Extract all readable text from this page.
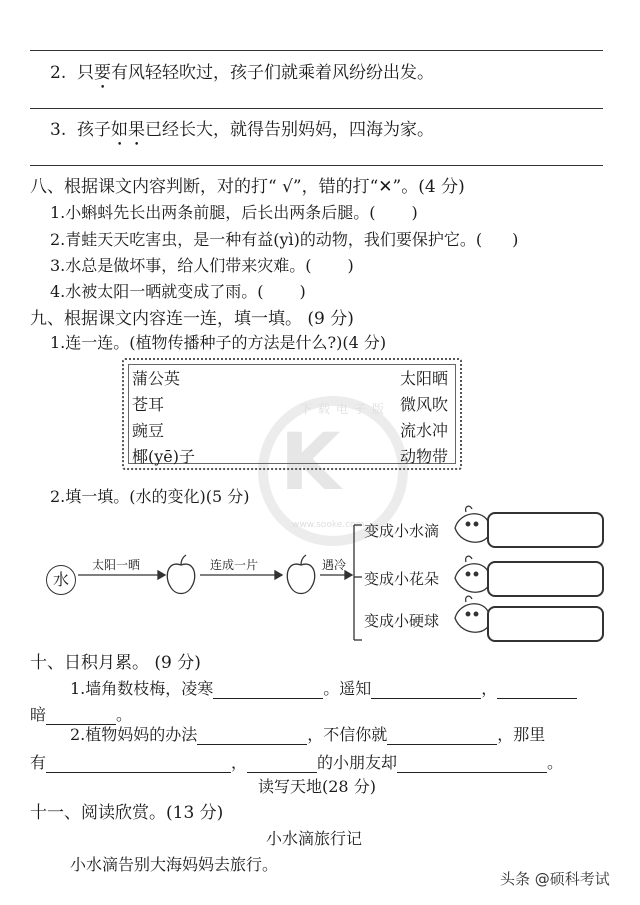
2. 只要有风轻轻吹过，孩子们就乘着风纷纷出发。
3. 孩子如果已经长大，就得告别妈妈，四海为家。
八、根据课文内容判断，对的打“ √”，错的打“✕”。(4 分)
1.小蝌蚪先长出两条前腿，后长出两条后腿。( )
2.青蛙天天吃害虫，是一种有益(yì)的动物，我们要保护它。( )
3.水总是做坏事，给人们带来灾难。( )
4.水被太阳一晒就变成了雨。( )
九、根据课文内容连一连，填一填。 (9 分)
1.连一连。(植物传播种子的方法是什么?)(4 分)
K
下载电子版
www.sooke.com
蒲公英
苍耳
豌豆
椰(yē)子
太阳晒
微风吹
流水冲
动物带
2.填一填。(水的变化)(5 分)
水
太阳一晒	连成一片	遇冷
变成小水滴
变成小花朵
变成小硬球
十、日积月累。 (9 分)
1.墙角数枝梅，凌寒	。遥知	，
暗	。
2.植物妈妈的办法	，不信你就	，那里
有	，	的小朋友却	。
读写天地(28 分)
十一、阅读欣赏。(13 分)
小水滴旅行记
小水滴告别大海妈妈去旅行。
头条 @硕科考试
